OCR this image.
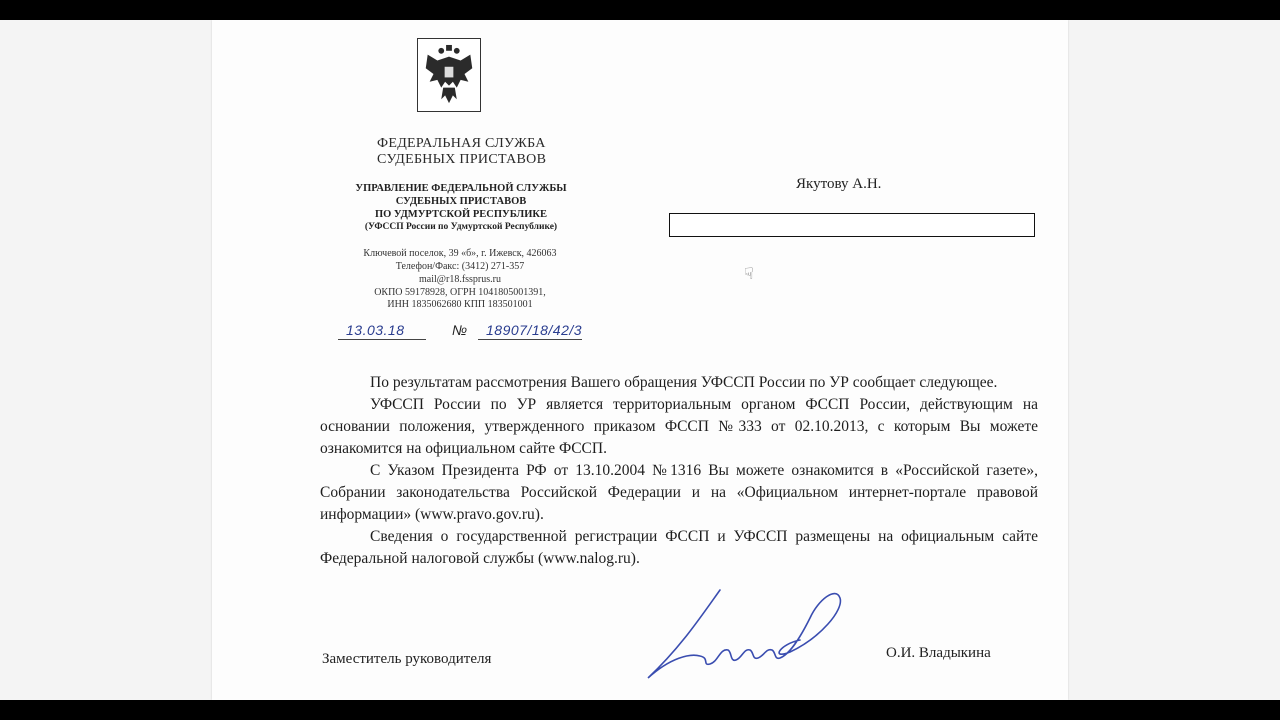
ФЕДЕРАЛЬНАЯ СЛУЖБА

СУДЕБНЫХ ПРИСТАВОВ

УПРАВЛЕНИЕ ФЕДЕРАЛЬНОЙ СЛУЖБЫ

СУДЕБНЫХ ПРИСТАВОВ

ПО УДМУРТСКОЙ РЕСПУБЛИКЕ

(УФССП России по Удмуртской Республике)

Ключевой поселок, 39 «б», г. Ижевск, 426063

Телефон/Факс: (3412) 271-357

mail@r18.fssprus.ru

ОКПО 59178928, ОГРН 1041805001391,

ИНН 1835062680 КПП 183501001

13.03.18	№ 18907/18/42/3

Якутову А.Н.

☟

По результатам рассмотрения Вашего обращения УФССП России по УР сообщает следующее.

УФССП России по УР является территориальным органом ФССП России, действующим на основании положения, утвержденного приказом ФССП №333 от 02.10.2013, с которым Вы можете ознакомится на официальном сайте ФССП.

С Указом Президента РФ от 13.10.2004 №1316 Вы можете ознакомится в «Российской газете», Собрании законодательства Российской Федерации и на «Официальном интернет-портале правовой информации» (www.pravo.gov.ru).

Сведения о государственной регистрации ФССП и УФССП размещены на официальным сайте Федеральной налоговой службы (www.nalog.ru).

Заместитель руководителя	О.И. Владыкина
